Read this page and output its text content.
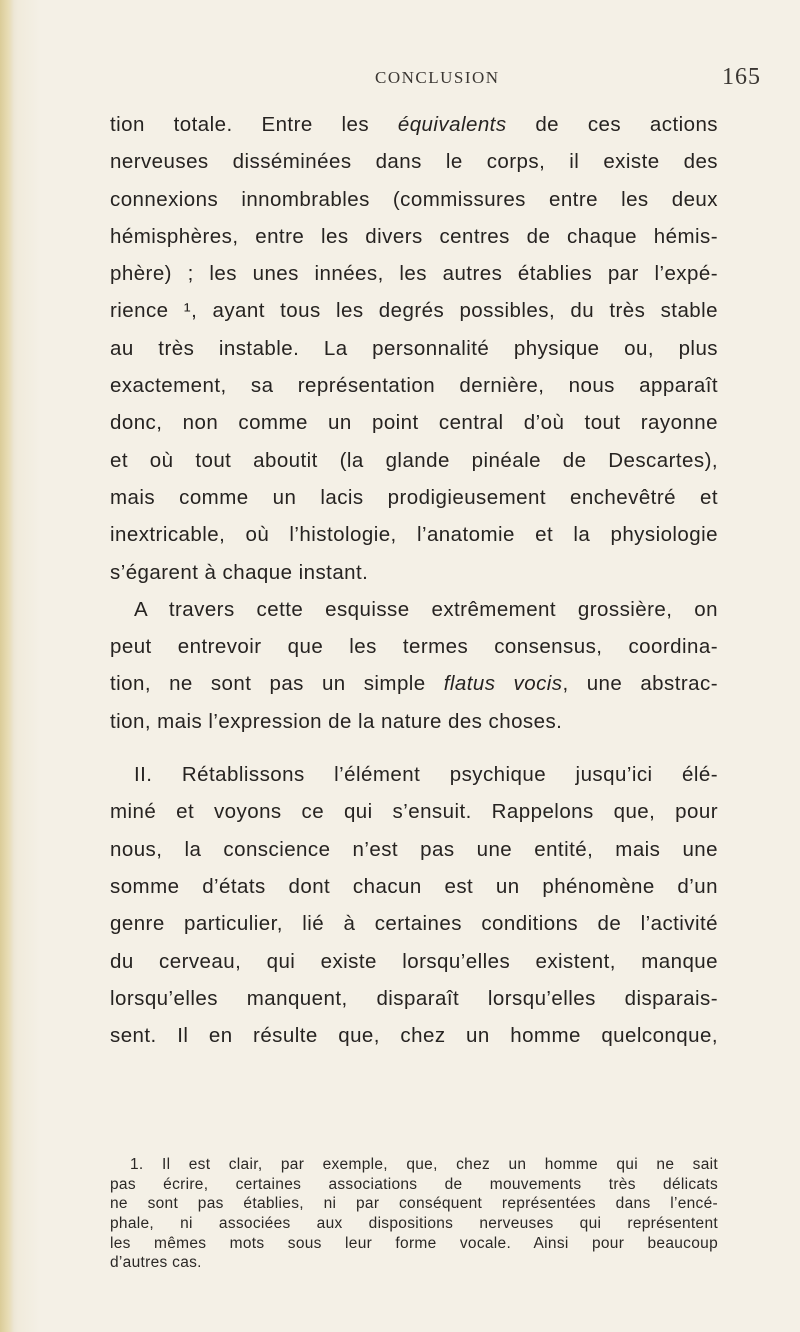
CONCLUSION	165
tion totale. Entre les équivalents de ces actions
nerveuses disséminées dans le corps, il existe des
connexions innombrables (commissures entre les deux
hémisphères, entre les divers centres de chaque hémis-
phère) ; les unes innées, les autres établies par l’expé-
rience ¹, ayant tous les degrés possibles, du très stable
au très instable. La personnalité physique ou, plus
exactement, sa représentation dernière, nous apparaît
donc, non comme un point central d’où tout rayonne
et où tout aboutit (la glande pinéale de Descartes),
mais comme un lacis prodigieusement enchevêtré et
inextricable, où l’histologie, l’anatomie et la physiologie
s’égarent à chaque instant.
A travers cette esquisse extrêmement grossière, on
peut entrevoir que les termes consensus, coordina-
tion, ne sont pas un simple flatus vocis, une abstrac-
tion, mais l’expression de la nature des choses.
II. Rétablissons l’élément psychique jusqu’ici élé-
miné et voyons ce qui s’ensuit. Rappelons que, pour
nous, la conscience n’est pas une entité, mais une
somme d’états dont chacun est un phénomène d’un
genre particulier, lié à certaines conditions de l’activité
du cerveau, qui existe lorsqu’elles existent, manque
lorsqu’elles manquent, disparaît lorsqu’elles disparais-
sent. Il en résulte que, chez un homme quelconque,
1. Il est clair, par exemple, que, chez un homme qui ne sait
pas écrire, certaines associations de mouvements très délicats
ne sont pas établies, ni par conséquent représentées dans l’encé-
phale, ni associées aux dispositions nerveuses qui représentent
les mêmes mots sous leur forme vocale. Ainsi pour beaucoup
d’autres cas.
